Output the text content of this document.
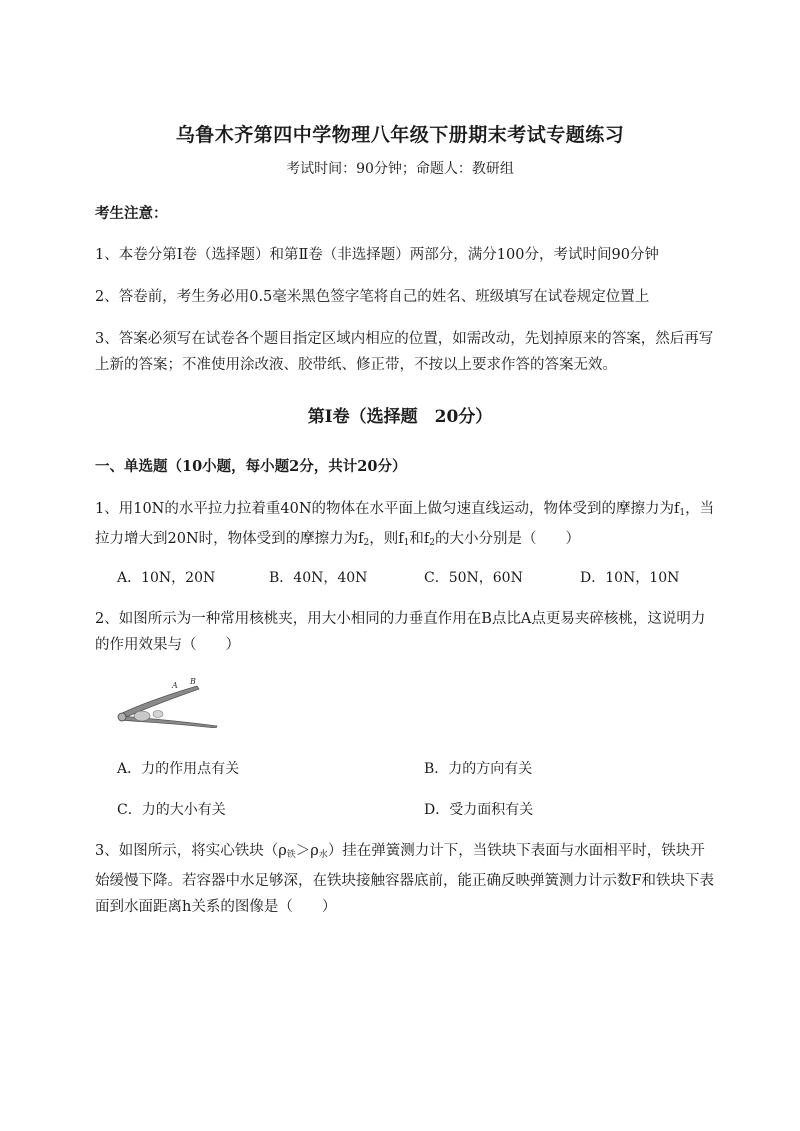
乌鲁木齐第四中学物理八年级下册期末考试专题练习
考试时间：90分钟；命题人：教研组
考生注意：
1、本卷分第I卷（选择题）和第Ⅱ卷（非选择题）两部分，满分100分，考试时间90分钟
2、答卷前，考生务必用0.5毫米黑色签字笔将自己的姓名、班级填写在试卷规定位置上
3、答案必须写在试卷各个题目指定区域内相应的位置，如需改动，先划掉原来的答案，然后再写上新的答案；不准使用涂改液、胶带纸、修正带，不按以上要求作答的答案无效。
第I卷（选择题　20分）
一、单选题（10小题，每小题2分，共计20分）
1、用10N的水平拉力拉着重40N的物体在水平面上做匀速直线运动，物体受到的摩擦力为$f_1$，当拉力增大到20N时，物体受到的摩擦力为$f_2$，则$f_1$和$f_2$的大小分别是（　　）
A．10N，20N	B．40N，40N	C．50N，60N	D．10N，10N
2、如图所示为一种常用核桃夹，用大小相同的力垂直作用在B点比A点更易夹碎核桃，这说明力的作用效果与（　　）
A B
A．力的作用点有关	B．力的方向有关
C．力的大小有关	D．受力面积有关
3、如图所示，将实心铁块$(\rho_铁>\rho_水)$挂在弹簧测力计下，当铁块下表面与水面相平时，铁块开始缓慢下降。若容器中水足够深，在铁块接触容器底前，能正确反映弹簧测力计示数F和铁块下表面到水面距离h关系的图像是（　　）
